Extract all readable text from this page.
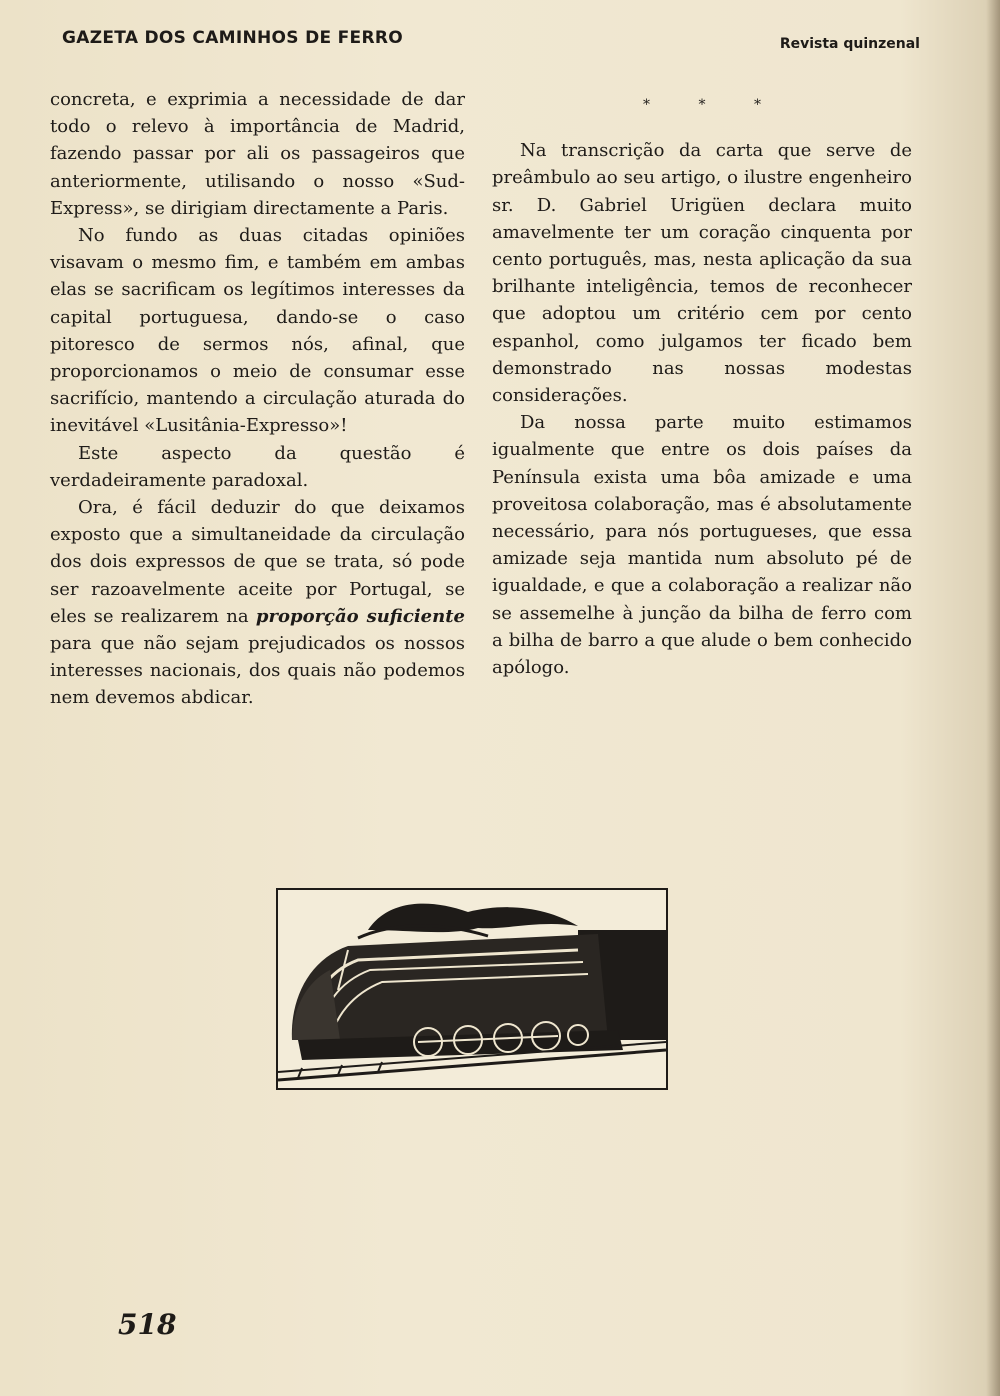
GAZETA DOS CAMINHOS DE FERRO	Revista quinzenal

concreta, e exprimia a necessidade de dar todo o relevo à importância de Madrid, fazendo passar por ali os passageiros que anteriormente, utilisando o nosso «Sud-Express», se dirigiam directamente a Paris.

No fundo as duas citadas opiniões visavam o mesmo fim, e também em ambas elas se sacrificam os legítimos interesses da capital portuguesa, dando-se o caso pitoresco de sermos nós, afinal, que proporcionamos o meio de consumar esse sacrifício, mantendo a circulação aturada do inevitável «Lusitânia-Expresso»!

Este aspecto da questão é verdadeiramente paradoxal.

Ora, é fácil deduzir do que deixamos exposto que a simultaneidade da circulação dos dois expressos de que se trata, só pode ser razoavelmente aceite por Portugal, se eles se realizarem na proporção suficiente para que não sejam prejudicados os nossos interesses nacionais, dos quais não podemos nem devemos abdicar.

* * *

Na transcrição da carta que serve de preâmbulo ao seu artigo, o ilustre engenheiro sr. D. Gabriel Urigüen declara muito amavelmente ter um coração cinquenta por cento português, mas, nesta aplicação da sua brilhante inteligência, temos de reconhecer que adoptou um critério cem por cento espanhol, como julgamos ter ficado bem demonstrado nas nossas modestas considerações.

Da nossa parte muito estimamos igualmente que entre os dois países da Península exista uma bôa amizade e uma proveitosa colaboração, mas é absolutamente necessário, para nós portugueses, que essa amizade seja mantida num absoluto pé de igualdade, e que a colaboração a realizar não se assemelhe à junção da bilha de ferro com a bilha de barro a que alude o bem conhecido apólogo.

518
